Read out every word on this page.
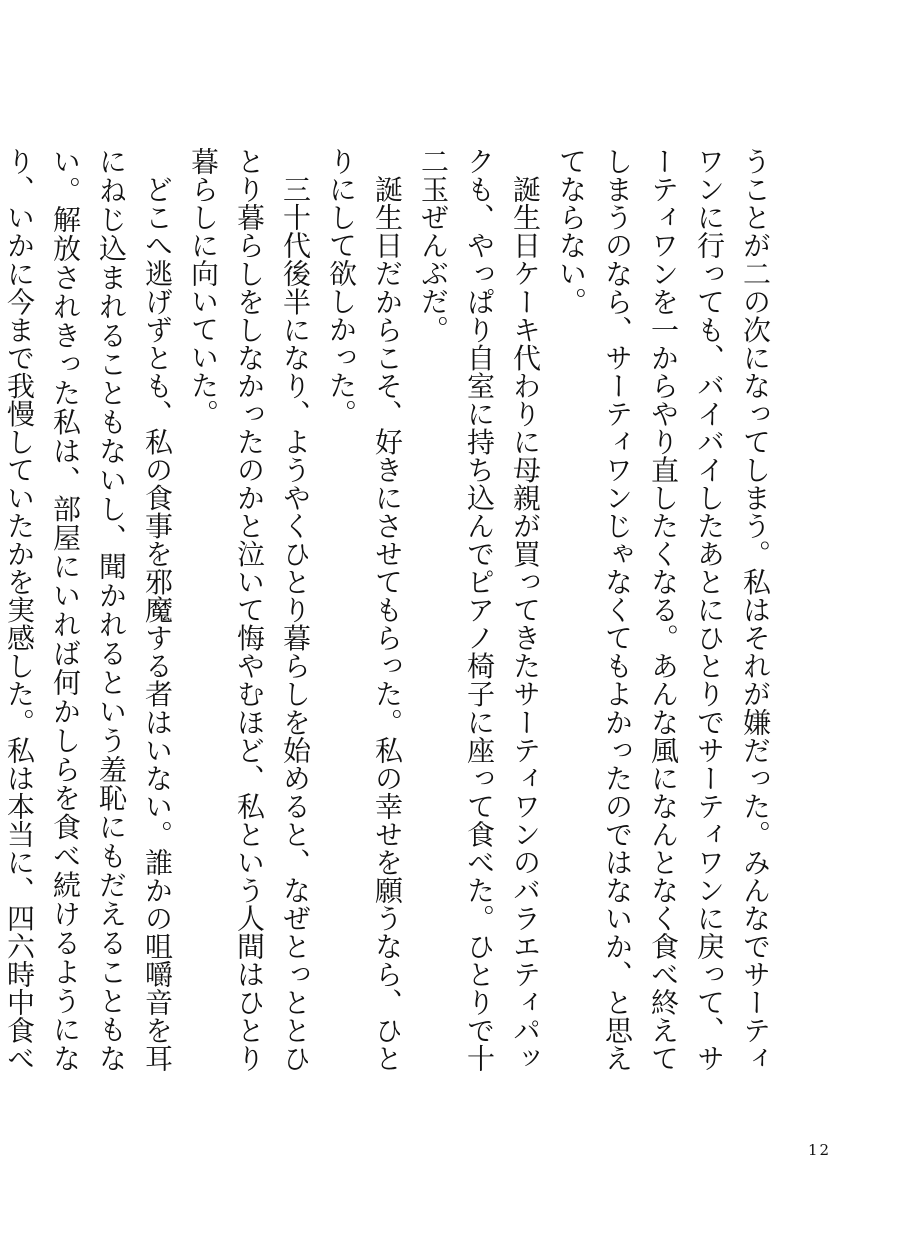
うことが二の次になってしまう。私はそれが嫌だった。みんなでサーティワンに行っても、バイバイしたあとにひとりでサーティワンに戻って、サーティワンを一からやり直したくなる。あんな風になんとなく食べ終えてしまうのなら、サーティワンじゃなくてもよかったのではないか、と思えてならない。

誕生日ケーキ代わりに母親が買ってきたサーティワンのバラエティパックも、やっぱり自室に持ち込んでピアノ椅子に座って食べた。ひとりで十二玉ぜんぶだ。

誕生日だからこそ、好きにさせてもらった。私の幸せを願うなら、ひとりにして欲しかった。

三十代後半になり、ようやくひとり暮らしを始めると、なぜとっととひとり暮らしをしなかったのかと泣いて悔やむほど、私という人間はひとり暮らしに向いていた。

どこへ逃げずとも、私の食事を邪魔する者はいない。誰かの咀嚼音を耳にねじ込まれることもないし、聞かれるという羞恥にもだえることもない。解放されきった私は、部屋にいれば何かしらを食べ続けるようになり、いかに今まで我慢していたかを実感した。私は本当に、四六時中食べ

12
